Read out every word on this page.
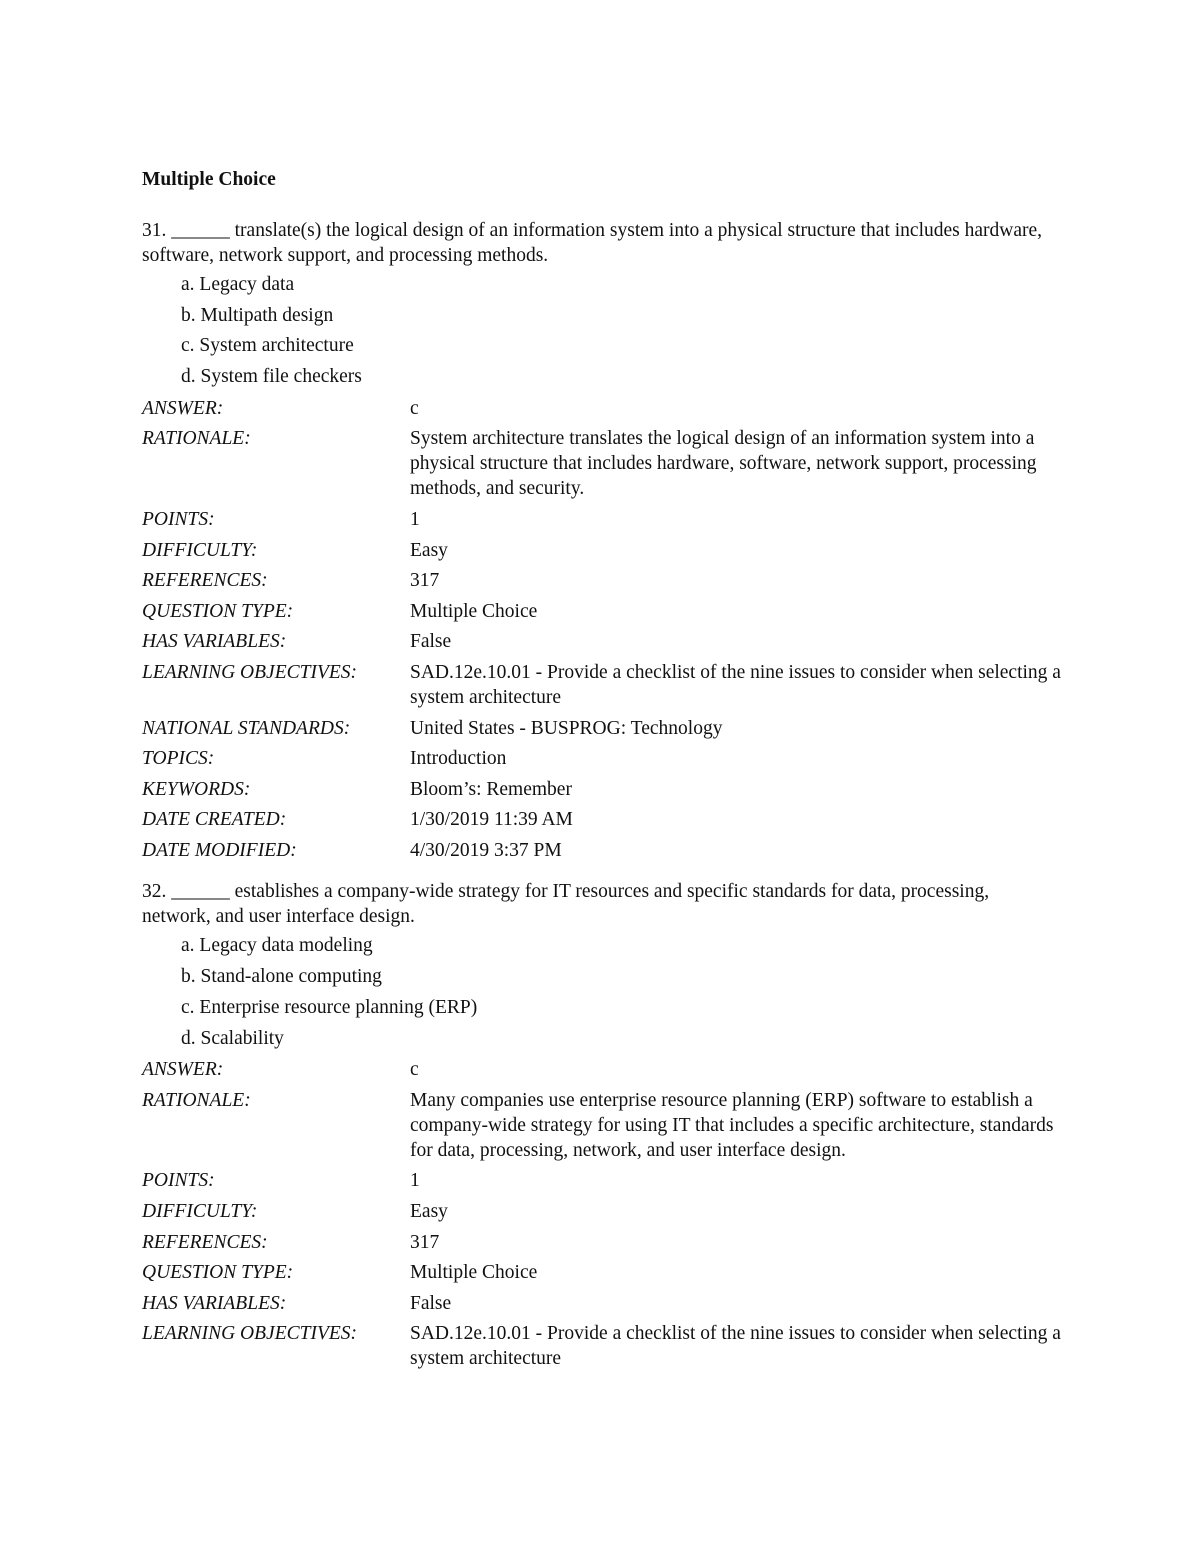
Multiple Choice

31. ______ translate(s) the logical design of an information system into a physical structure that includes hardware, software, network support, and processing methods.

a. Legacy data
b. Multipath design
c. System architecture
d. System file checkers
ANSWER:	c
RATIONALE:	System architecture translates the logical design of an information system into a physical structure that includes hardware, software, network support, processing methods, and security.
POINTS:	1
DIFFICULTY:	Easy
REFERENCES:	317
QUESTION TYPE:	Multiple Choice
HAS VARIABLES:	False
LEARNING OBJECTIVES:	SAD.12e.10.01 - Provide a checklist of the nine issues to consider when selecting a system architecture
NATIONAL STANDARDS:	United States - BUSPROG: Technology
TOPICS:	Introduction
KEYWORDS:	Bloom’s: Remember
DATE CREATED:	1/30/2019 11:39 AM
DATE MODIFIED:	4/30/2019 3:37 PM

32. ______ establishes a company-wide strategy for IT resources and specific standards for data, processing, network, and user interface design.

a. Legacy data modeling
b. Stand-alone computing
c. Enterprise resource planning (ERP)
d. Scalability
ANSWER:	c
RATIONALE:	Many companies use enterprise resource planning (ERP) software to establish a company-wide strategy for using IT that includes a specific architecture, standards for data, processing, network, and user interface design.
POINTS:	1
DIFFICULTY:	Easy
REFERENCES:	317
QUESTION TYPE:	Multiple Choice
HAS VARIABLES:	False
LEARNING OBJECTIVES:	SAD.12e.10.01 - Provide a checklist of the nine issues to consider when selecting a system architecture
